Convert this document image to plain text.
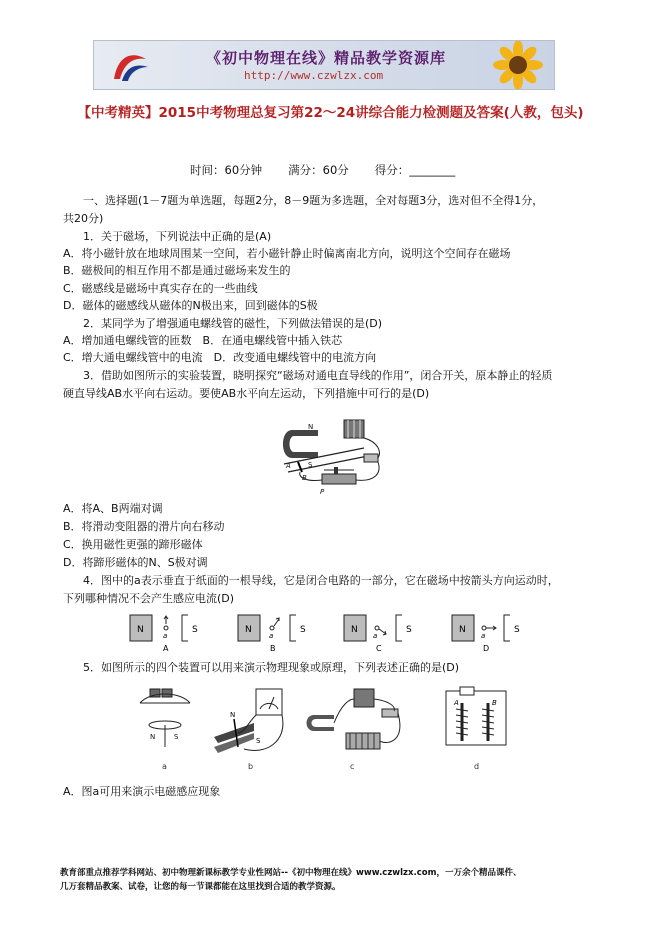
《初中物理在线》精品教学资源库
http://www.czwlzx.com
【中考精英】2015中考物理总复习第22～24讲综合能力检测题及答案(人教，包头)
时间：60分钟 满分：60分 得分：________
一、选择题(1－7题为单选题，每题2分，8－9题为多选题，全对每题3分，选对但不全得1分，
共20分)
1．关于磁场，下列说法中正确的是(A)
A．将小磁针放在地球周围某一空间，若小磁针静止时偏离南北方向，说明这个空间存在磁场
B．磁极间的相互作用不都是通过磁场来发生的
C．磁感线是磁场中真实存在的一些曲线
D．磁体的磁感线从磁体的N极出来，回到磁体的S极
2．某同学为了增强通电螺线管的磁性，下列做法错误的是(D)
A．增加通电螺线管的匝数　B．在通电螺线管中插入铁芯
C．增大通电螺线管中的电流　D．改变通电螺线管中的电流方向
3．借助如图所示的实验装置，晓明探究“磁场对通电直导线的作用”，闭合开关，原本静止的轻质
硬直导线AB水平向右运动。要使AB水平向左运动，下列措施中可行的是(D)
N
S
A
B
P
A．将A、B两端对调
B．将滑动变阻器的滑片向右移动
C．换用磁性更强的蹄形磁体
D．将蹄形磁体的N、S极对调
4．图中的a表示垂直于纸面的一根导线，它是闭合电路的一部分，它在磁场中按箭头方向运动时，
下列哪种情况不会产生感应电流(D)
N	S
a
A
N	S
a
B
N	S
a
C
N	S
a
D
5．如图所示的四个装置可以用来演示物理现象或原理，下列表述正确的是(D)
N	S
a
N
S
b	c
A	B
d
A．图a可用来演示电磁感应现象
教育部重点推荐学科网站、初中物理新课标教学专业性网站--《初中物理在线》www.czwlzx.com，一万余个精品课件、
几万套精品教案、试卷，让您的每一节课都能在这里找到合适的教学资源。
